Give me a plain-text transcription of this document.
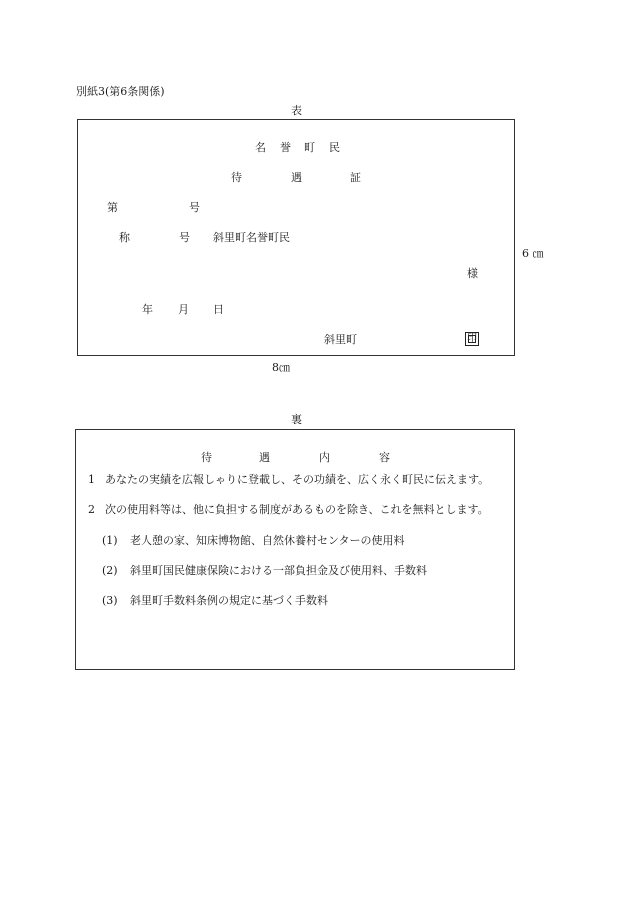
別紙3(第6条関係)
表
名 誉 町 民
待	遇	証
第	号
称	号 斜里町名誉町民
様
年 月 日
斜里町	印
6 ㎝
8㎝
裏
待	遇	内	容
1 あなたの実績を広報しゃりに登載し、その功績を、広く永く町民に伝えます。
2 次の使用料等は、他に負担する制度があるものを除き、これを無料とします。
(1) 老人憩の家、知床博物館、自然休養村センターの使用料
(2) 斜里町国民健康保険における一部負担金及び使用料、手数料
(3) 斜里町手数料条例の規定に基づく手数料
